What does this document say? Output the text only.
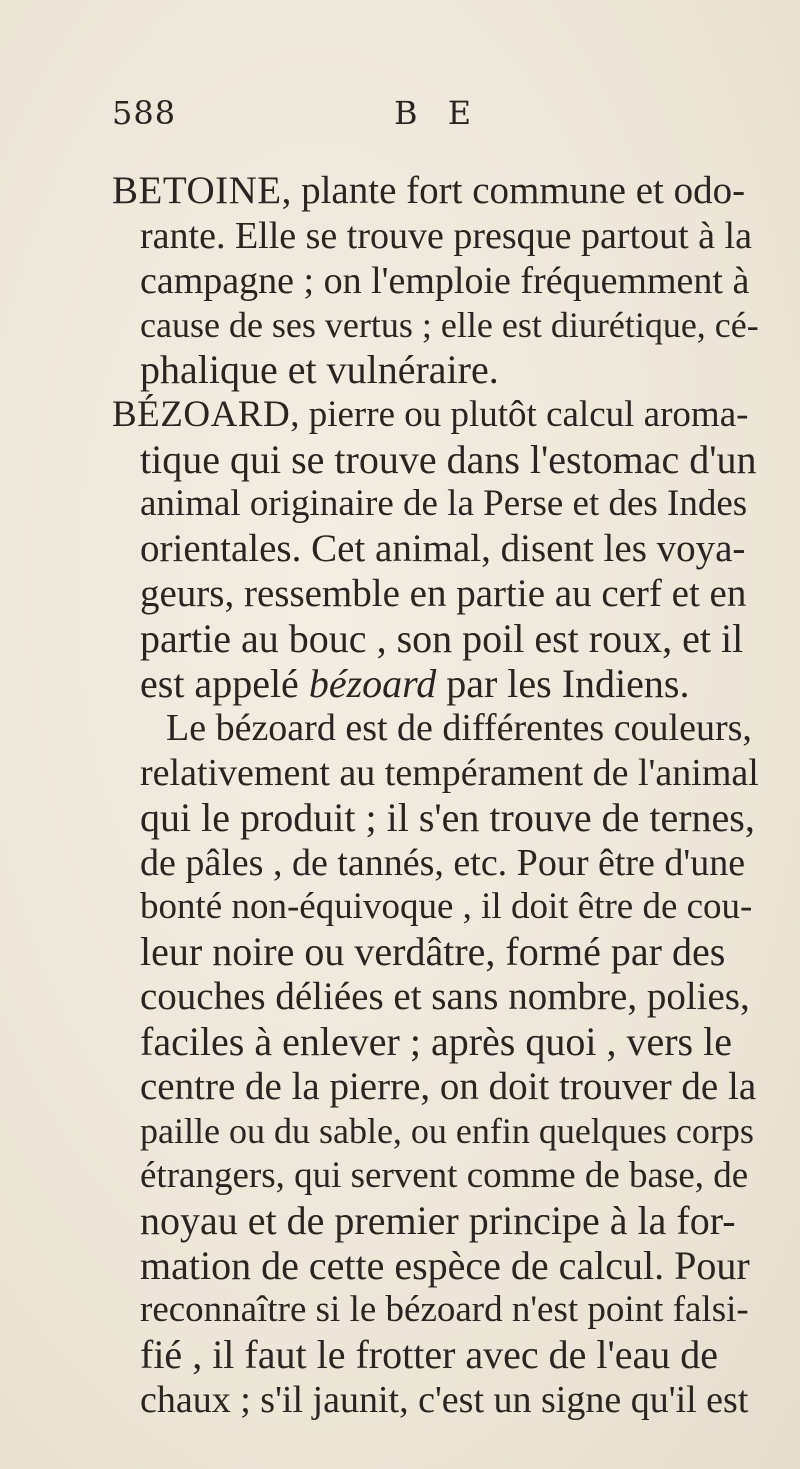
588	B E
BETOINE, plante fort commune et odo-
rante. Elle se trouve presque partout à la
campagne ; on l'emploie fréquemment à
cause de ses vertus ; elle est diurétique, cé-
phalique et vulnéraire.
BÉZOARD, pierre ou plutôt calcul aroma-
tique qui se trouve dans l'estomac d'un
animal originaire de la Perse et des Indes
orientales. Cet animal, disent les voya-
geurs, ressemble en partie au cerf et en
partie au bouc , son poil est roux, et il
est appelé bézoard par les Indiens.
Le bézoard est de différentes couleurs,
relativement au tempérament de l'animal
qui le produit ; il s'en trouve de ternes,
de pâles , de tannés, etc. Pour être d'une
bonté non-équivoque , il doit être de cou-
leur noire ou verdâtre, formé par des
couches déliées et sans nombre, polies,
faciles à enlever ; après quoi , vers le
centre de la pierre, on doit trouver de la
paille ou du sable, ou enfin quelques corps
étrangers, qui servent comme de base, de
noyau et de premier principe à la for-
mation de cette espèce de calcul. Pour
reconnaître si le bézoard n'est point falsi-
fié , il faut le frotter avec de l'eau de
chaux ; s'il jaunit, c'est un signe qu'il est
